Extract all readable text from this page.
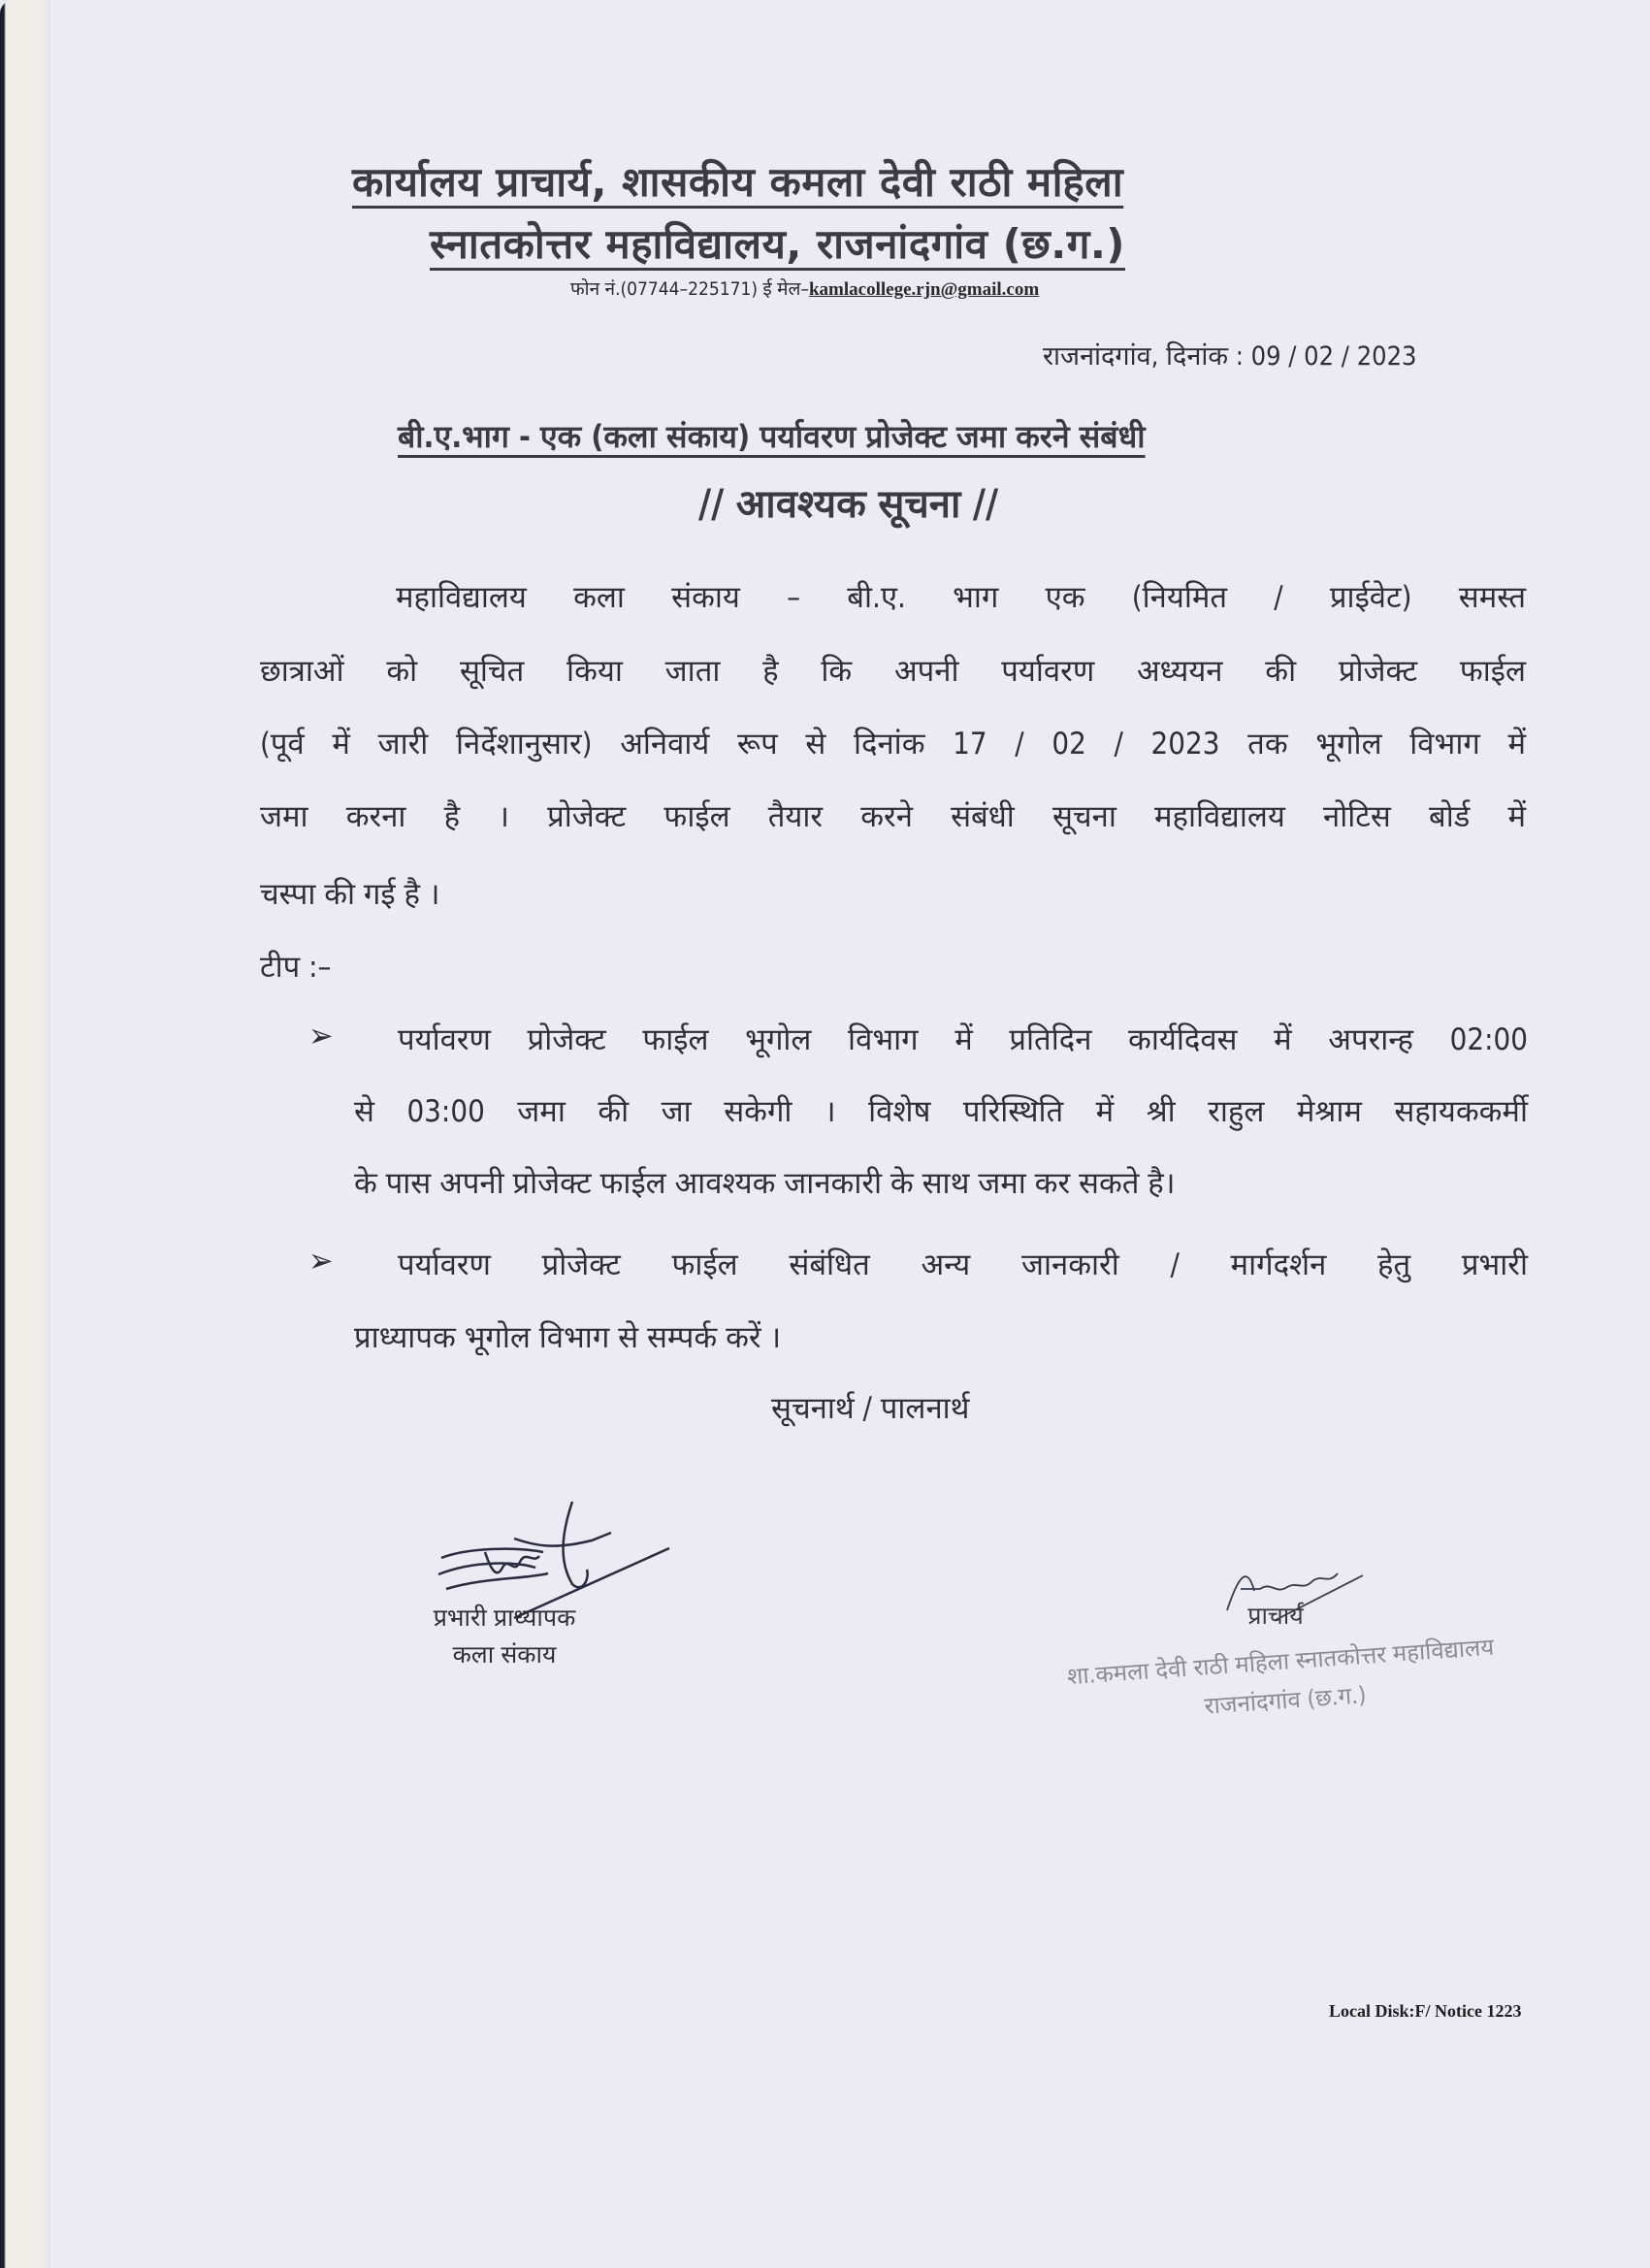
कार्यालय प्राचार्य, शासकीय कमला देवी राठी महिला
स्नातकोत्तर महाविद्यालय, राजनांदगांव (छ.ग.)
फोन नं.(07744–225171) ई मेल–kamlacollege.rjn@gmail.com
राजनांदगांव, दिनांक : 09 / 02 / 2023
बी.ए.भाग - एक (कला संकाय) पर्यावरण प्रोजेक्ट जमा करने संबंधी
// आवश्यक सूचना //
महाविद्यालय कला संकाय – बी.ए. भाग एक (नियमित / प्राईवेट) समस्त
छात्राओं को सूचित किया जाता है कि अपनी पर्यावरण अध्ययन की प्रोजेक्ट फाईल
(पूर्व में जारी निर्देशानुसार) अनिवार्य रूप से दिनांक 17 / 02 / 2023 तक भूगोल विभाग में
जमा करना है । प्रोजेक्ट फाईल तैयार करने संबंधी सूचना महाविद्यालय नोटिस बोर्ड में
चस्पा की गई है ।
टीप :–
➢ पर्यावरण प्रोजेक्ट फाईल भूगोल विभाग में प्रतिदिन कार्यदिवस में अपरान्ह 02:00
से 03:00 जमा की जा सकेगी । विशेष परिस्थिति में श्री राहुल मेश्राम सहायककर्मी
के पास अपनी प्रोजेक्ट फाईल आवश्यक जानकारी के साथ जमा कर सकते है।
➢ पर्यावरण प्रोजेक्ट फाईल संबंधित अन्य जानकारी / मार्गदर्शन हेतु प्रभारी
प्राध्यापक भूगोल विभाग से सम्पर्क करें ।
सूचनार्थ / पालनार्थ
प्रभारी प्राध्यापक
कला संकाय
प्राचार्य
शा.कमला देवी राठी महिला स्नातकोत्तर महाविद्यालय
राजनांदगांव (छ.ग.)
Local Disk:F/ Notice 1223
